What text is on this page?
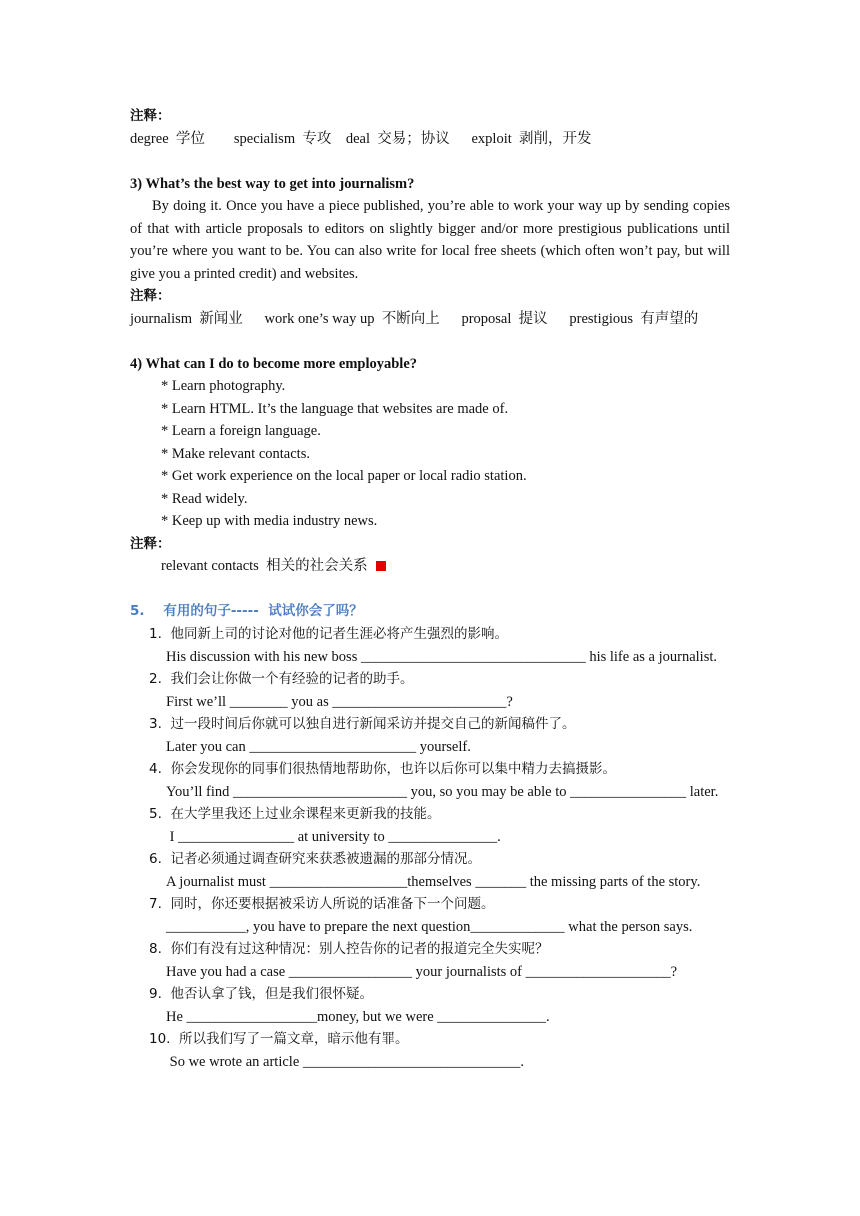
注释：
degree  学位        specialism  专攻    deal  交易；协议      exploit  剥削，开发
3) What’s the best way to get into journalism?
By doing it. Once you have a piece published, you’re able to work your way up by sending copies of that with article proposals to editors on slightly bigger and/or more prestigious publications until you’re where you want to be. You can also write for local free sheets (which often won’t pay, but will give you a printed credit) and websites.
注释：
journalism  新闻业      work one’s way up  不断向上      proposal  提议      prestigious  有声望的
4) What can I do to become more employable?
* Learn photography.
* Learn HTML. It’s the language that websites are made of.
* Learn a foreign language.
* Make relevant contacts.
* Get work experience on the local paper or local radio station.
* Read widely.
* Keep up with media industry news.
注释：
relevant contacts  相关的社会关系
5.    有用的句子-----  试试你会了吗？
1.  他同新上司的讨论对他的记者生涯必将产生强烈的影响。
His discussion with his new boss _______________________________ his life as a journalist.
2.  我们会让你做一个有经验的记者的助手。
First we’ll ________ you as ________________________?
3.  过一段时间后你就可以独自进行新闻采访并提交自己的新闻稿件了。
Later you can _______________________ yourself.
4.  你会发现你的同事们很热情地帮助你，也许以后你可以集中精力去搞摄影。
You’ll find ________________________ you, so you may be able to ________________ later.
5.  在大学里我还上过业余课程来更新我的技能。
I ________________ at university to _______________.
6.  记者必须通过调查研究来获悉被遗漏的那部分情况。
A journalist must ___________________themselves _______ the missing parts of the story.
7.  同时，你还要根据被采访人所说的话准备下一个问题。
___________, you have to prepare the next question_____________ what the person says.
8.  你们有没有过这种情况：别人控告你的记者的报道完全失实呢？
Have you had a case _________________ your journalists of ____________________?
9.  他否认拿了钱，但是我们很怀疑。
He __________________money, but we were _______________.
10.  所以我们写了一篇文章，暗示他有罪。
So we wrote an article ______________________________.
